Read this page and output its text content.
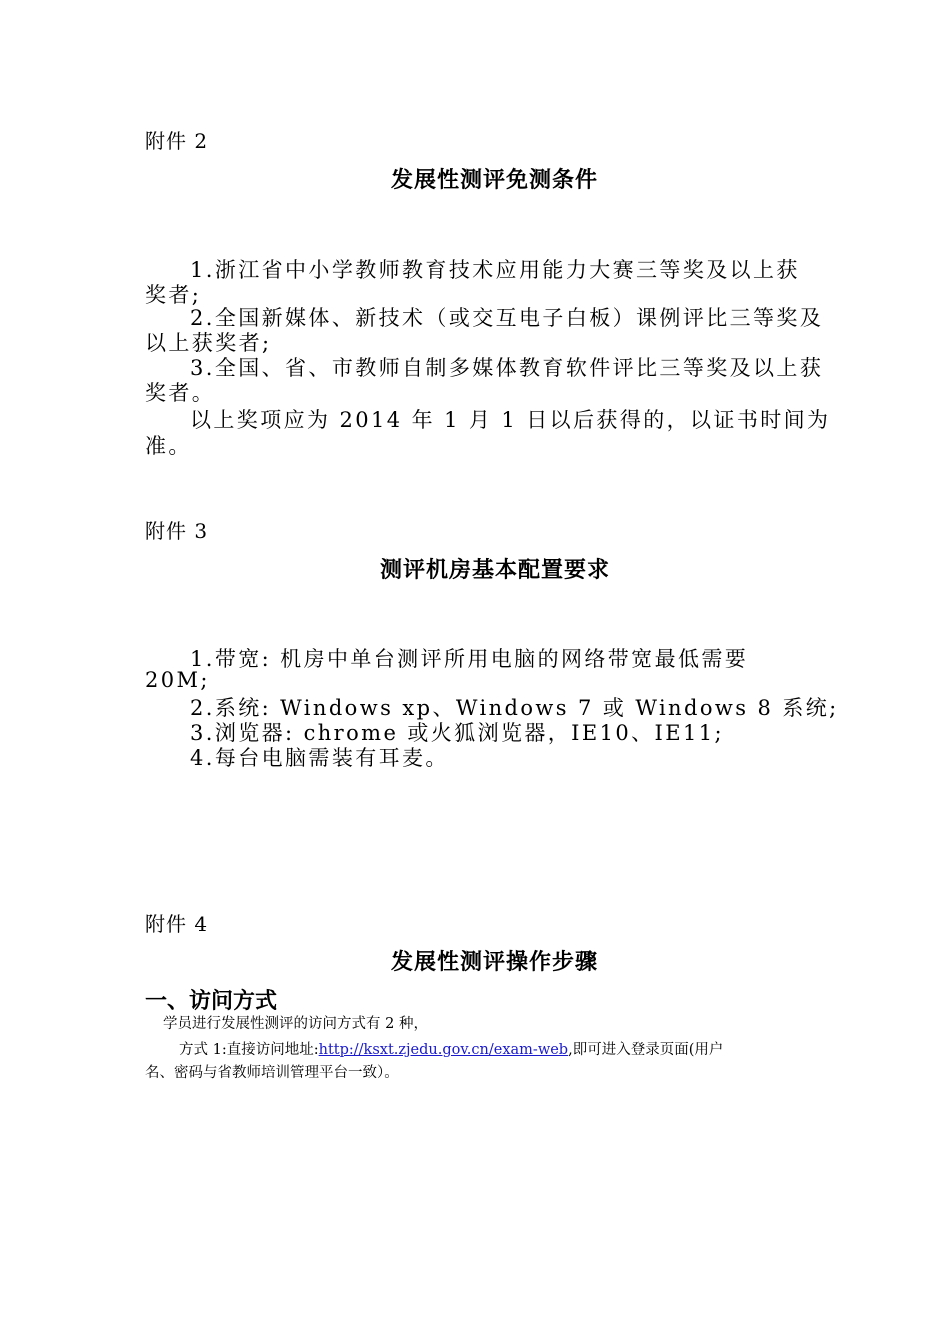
附件 2
发展性测评免测条件
1.浙江省中小学教师教育技术应用能力大赛三等奖及以上获
奖者;
2.全国新媒体、新技术（或交互电子白板）课例评比三等奖及
以上获奖者;
3.全国、省、市教师自制多媒体教育软件评比三等奖及以上获
奖者。
以上奖项应为 2014 年 1 月 1 日以后获得的，以证书时间为
准。
附件 3
测评机房基本配置要求
1.带宽: 机房中单台测评所用电脑的网络带宽最低需要
20M;
2.系统: Windows xp、Windows 7 或 Windows 8 系统;
3.浏览器: chrome 或火狐浏览器，IE10、IE11;
4.每台电脑需装有耳麦。
附件 4
发展性测评操作步骤
一、访问方式
学员进行发展性测评的访问方式有 2 种，
方式 1:直接访问地址:http://ksxt.zjedu.gov.cn/exam-web,即可进入登录页面(用户
名、密码与省教师培训管理平台一致）。
